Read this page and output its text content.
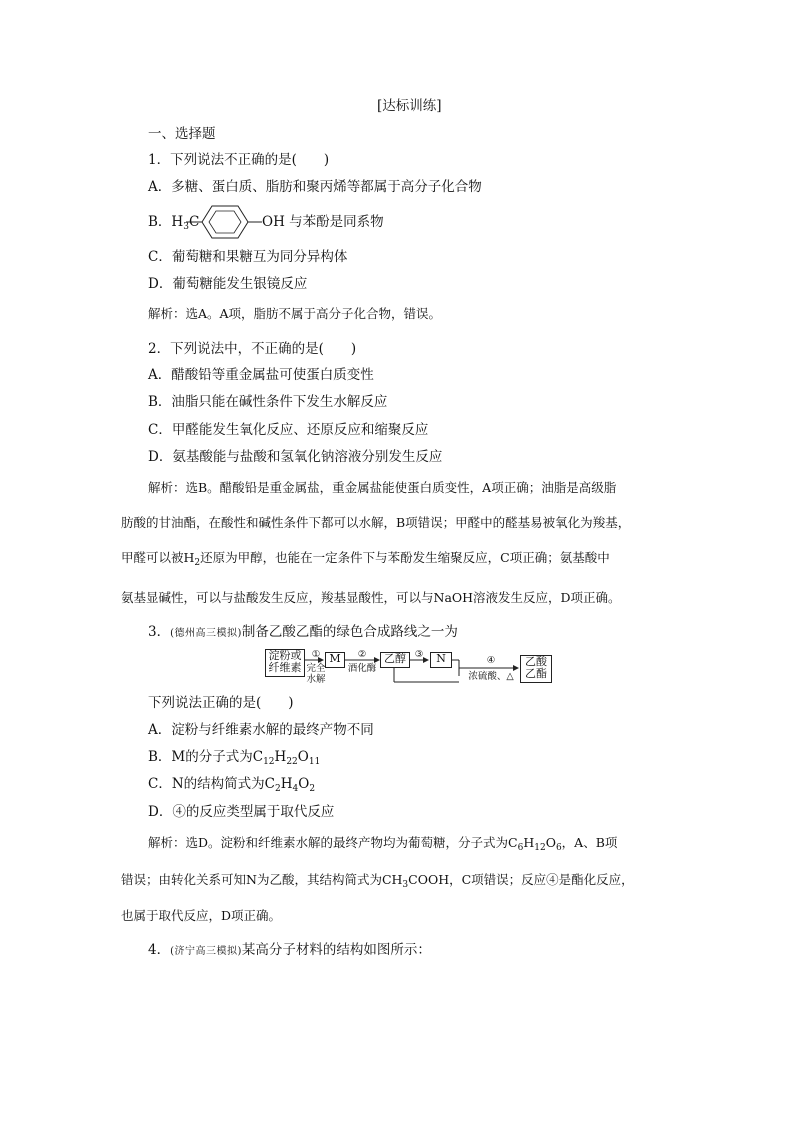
[达标训练]
一、选择题
1．下列说法不正确的是(　　)
A．多糖、蛋白质、脂肪和聚丙烯等都属于高分子化合物
B．$H_3C$	OH 与苯酚是同系物
C．葡萄糖和果糖互为同分异构体
D．葡萄糖能发生银镜反应
解析：选A。A项，脂肪不属于高分子化合物，错误。
2．下列说法中，不正确的是(　　)
A．醋酸铅等重金属盐可使蛋白质变性
B．油脂只能在碱性条件下发生水解反应
C．甲醛能发生氧化反应、还原反应和缩聚反应
D．氨基酸能与盐酸和氢氧化钠溶液分别发生反应
解析：选B。醋酸铅是重金属盐，重金属盐能使蛋白质变性，A项正确；油脂是高级脂
肪酸的甘油酯，在酸性和碱性条件下都可以水解，B项错误；甲醛中的醛基易被氧化为羧基，
甲醛可以被$H_2$还原为甲醇，也能在一定条件下与苯酚发生缩聚反应，C项正确；氨基酸中
氨基显碱性，可以与盐酸发生反应，羧基显酸性，可以与NaOH溶液发生反应，D项正确。
3．(德州高三模拟)制备乙酸乙酯的绿色合成路线之一为
淀粉或
纤维素
①
完全
水解
M	②
酒化酶
乙醇 ③	N	④
浓硫酸、△
乙酸
乙酯
下列说法正确的是(　　)
A．淀粉与纤维素水解的最终产物不同
B．M的分子式为$C_{12}H_{22}O_{11}$
C．N的结构简式为$C_2H_4O_2$
D．④的反应类型属于取代反应
解析：选D。淀粉和纤维素水解的最终产物均为葡萄糖，分子式为$C_6H_{12}O_6$，A、B项
错误；由转化关系可知N为乙酸，其结构简式为$CH_3COOH$，C项错误；反应④是酯化反应，
也属于取代反应，D项正确。
4．(济宁高三模拟)某高分子材料的结构如图所示：
